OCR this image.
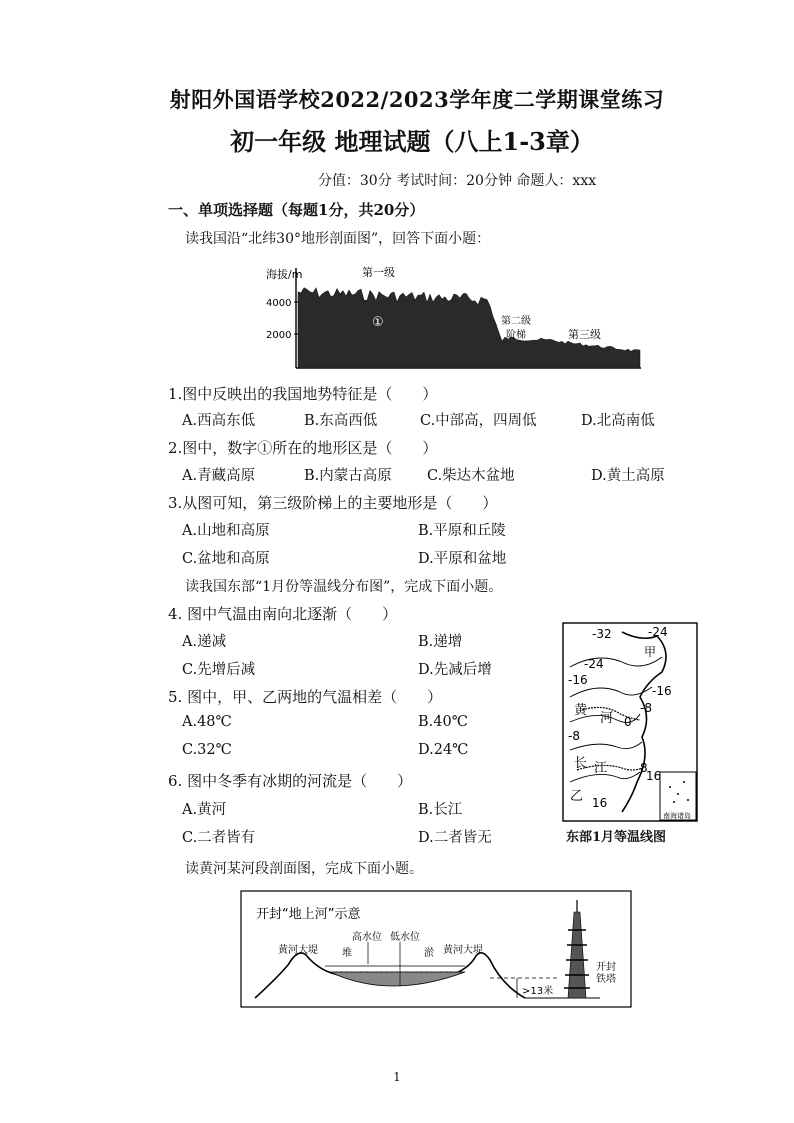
射阳外国语学校2022/2023学年度二学期课堂练习
初一年级 地理试题（八上1-3章）
分值：30分 考试时间：20分钟 命题人：xxx
一、单项选择题（每题1分，共20分）
读我国沿“北纬30°地形剖面图”，回答下面小题：
海拔/m
4000
2000
第一级
①	第二级
阶梯	第三级
1.图中反映出的我国地势特征是（　　）
A.西高东低	B.东高西低	C.中部高，四周低	D.北高南低
2.图中，数字①所在的地形区是（　　）
A.青藏高原	B.内蒙古高原 C.柴达木盆地	D.黄土高原
3.从图可知，第三级阶梯上的主要地形是（　　）
A.山地和高原	B.平原和丘陵
C.盆地和高原	D.平原和盆地
读我国东部“1月份等温线分布图”，完成下面小题。
4. 图中气温由南向北逐渐（　　）
A.递减	B.递增
C.先增后减	D.先减后增
5. 图中，甲、乙两地的气温相差（　　）
A.48℃	B.40℃
C.32℃	D.24℃
6. 图中冬季有冰期的河流是（　　）
A.黄河	B.长江
C.二者皆有	D.二者皆无
南海诸岛
-32	-24
甲
-24
-16
-16
-8
黄
河 0
-8
长 江	8
16
乙 16
东部1月等温线图
读黄河某河段剖面图，完成下面小题。
开封“地上河”示意
黄河大堤	黄河大堤
高水位 低水位
堆	淤
>13米
开封
铁塔
1
